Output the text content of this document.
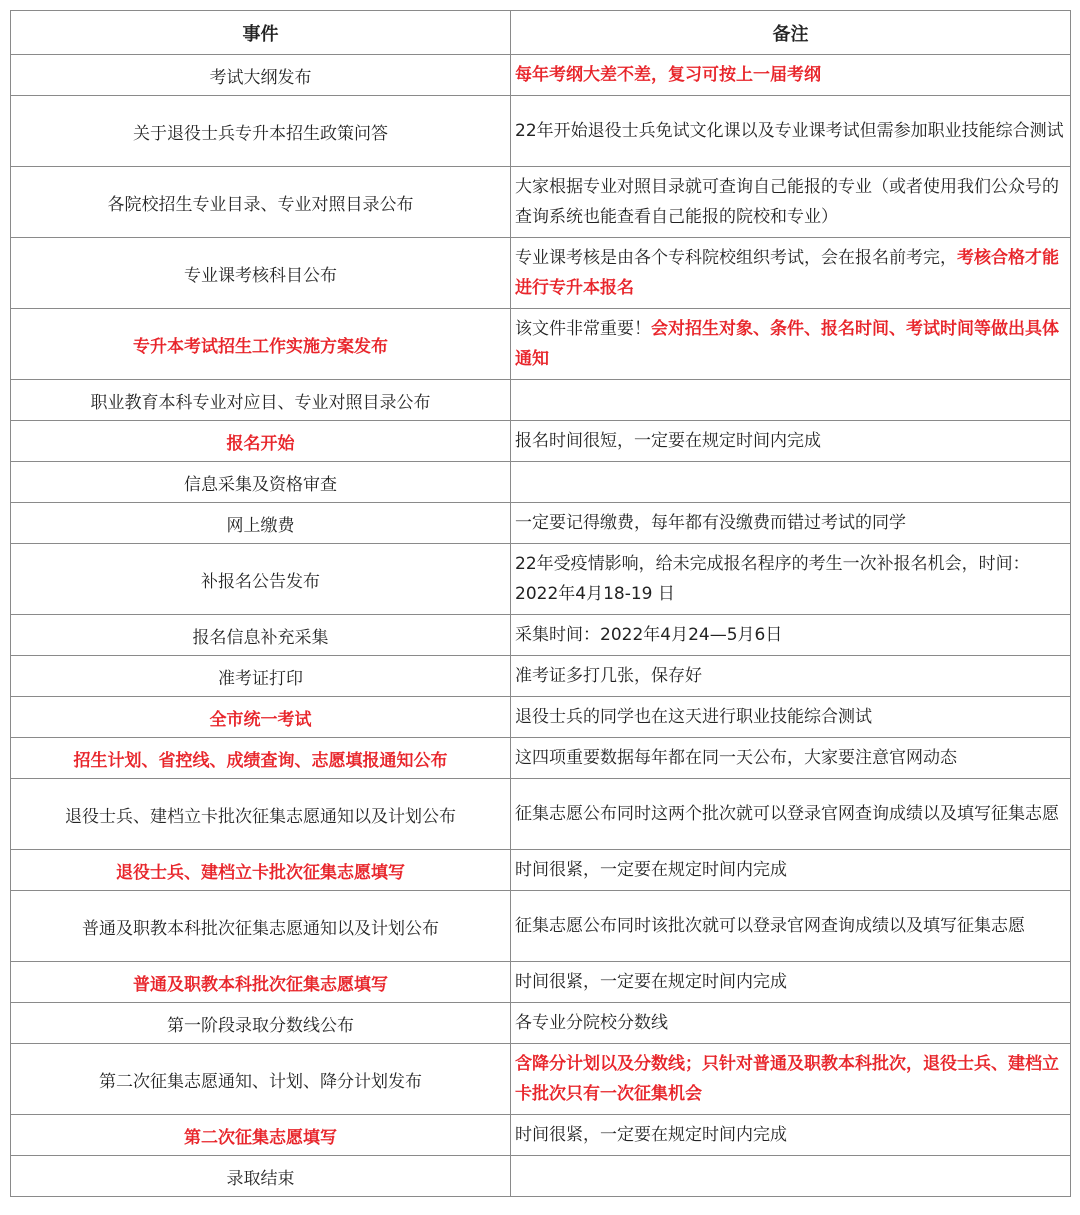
事件	备注
考试大纲发布	每年考纲大差不差，复习可按上一届考纲
关于退役士兵专升本招生政策问答	22年开始退役士兵免试文化课以及专业课考试但需参加职业技能综合测试
各院校招生专业目录、专业对照目录公布	大家根据专业对照目录就可查询自己能报的专业（或者使用我们公众号的查询系统也能查看自己能报的院校和专业）
专业课考核科目公布	专业课考核是由各个专科院校组织考试，会在报名前考完，考核合格才能进行专升本报名
专升本考试招生工作实施方案发布	该文件非常重要！会对招生对象、条件、报名时间、考试时间等做出具体通知
职业教育本科专业对应目、专业对照目录公布	
报名开始	报名时间很短，一定要在规定时间内完成
信息采集及资格审查	
网上缴费	一定要记得缴费，每年都有没缴费而错过考试的同学
补报名公告发布	22年受疫情影响，给未完成报名程序的考生一次补报名机会，时间：2022年4月18-19 日
报名信息补充采集	采集时间：2022年4月24—5月6日
准考证打印	准考证多打几张，保存好
全市统一考试	退役士兵的同学也在这天进行职业技能综合测试
招生计划、省控线、成绩查询、志愿填报通知公布	这四项重要数据每年都在同一天公布，大家要注意官网动态
退役士兵、建档立卡批次征集志愿通知以及计划公布	征集志愿公布同时这两个批次就可以登录官网查询成绩以及填写征集志愿
退役士兵、建档立卡批次征集志愿填写	时间很紧，一定要在规定时间内完成
普通及职教本科批次征集志愿通知以及计划公布	征集志愿公布同时该批次就可以登录官网查询成绩以及填写征集志愿
普通及职教本科批次征集志愿填写	时间很紧，一定要在规定时间内完成
第一阶段录取分数线公布	各专业分院校分数线
第二次征集志愿通知、计划、降分计划发布	含降分计划以及分数线；只针对普通及职教本科批次，退役士兵、建档立卡批次只有一次征集机会
第二次征集志愿填写	时间很紧，一定要在规定时间内完成
录取结束	
